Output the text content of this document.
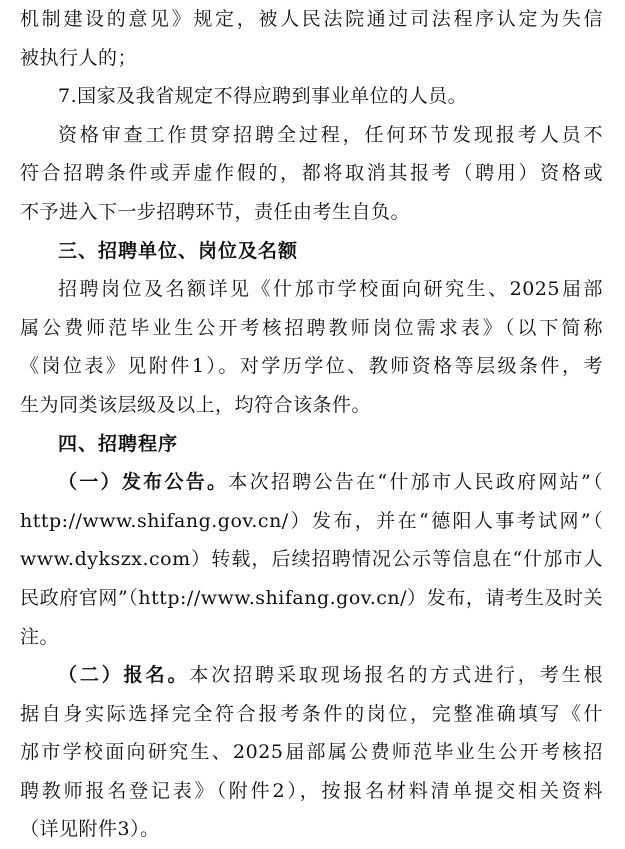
机制建设的意见》规定，被人民法院通过司法程序认定为失信
被执行人的；
7.国家及我省规定不得应聘到事业单位的人员。
资格审查工作贯穿招聘全过程，任何环节发现报考人员不
符合招聘条件或弄虚作假的，都将取消其报考（聘用）资格或
不予进入下一步招聘环节，责任由考生自负。
三、招聘单位、岗位及名额
招聘岗位及名额详见《什邡市学校面向研究生、2025届部
属公费师范毕业生公开考核招聘教师岗位需求表》（以下简称
《岗位表》见附件1）。对学历学位、教师资格等层级条件，考
生为同类该层级及以上，均符合该条件。
四、招聘程序
（一）发布公告。本次招聘公告在“什邡市人民政府网站”（
http://www.shifang.gov.cn/）发布，并在“德阳人事考试网”（
www.dykszx.com）转载，后续招聘情况公示等信息在“什邡市人
民政府官网”（http://www.shifang.gov.cn/）发布，请考生及时关
注。
（二）报名。本次招聘采取现场报名的方式进行，考生根
据自身实际选择完全符合报考条件的岗位，完整准确填写《什
邡市学校面向研究生、2025届部属公费师范毕业生公开考核招
聘教师报名登记表》（附件2），按报名材料清单提交相关资料
（详见附件3）。
